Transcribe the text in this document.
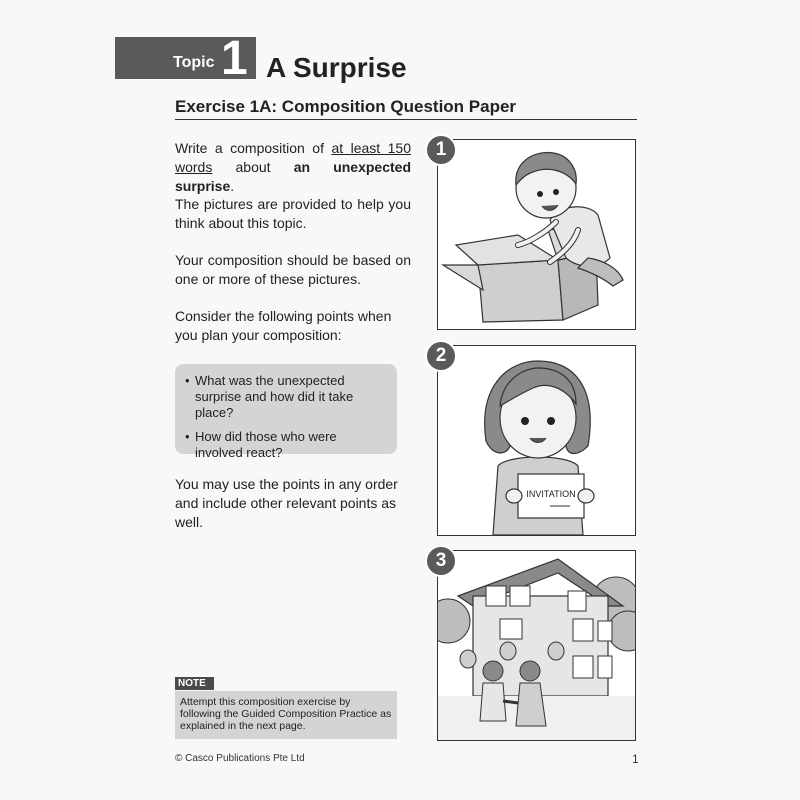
Topic 1 A Surprise
Exercise 1A: Composition Question Paper
Write a composition of at least 150 words about an unexpected surprise.
The pictures are provided to help you think about this topic.
Your composition should be based on one or more of these pictures.
Consider the following points when you plan your composition:
• What was the unexpected surprise and how did it take place?
• How did those who were involved react?
You may use the points in any order and include other relevant points as well.
NOTE
Attempt this composition exercise by following the Guided Composition Practice as explained in the next page.
© Casco Publications Pte Ltd	1
1
INVITATION
2
3
